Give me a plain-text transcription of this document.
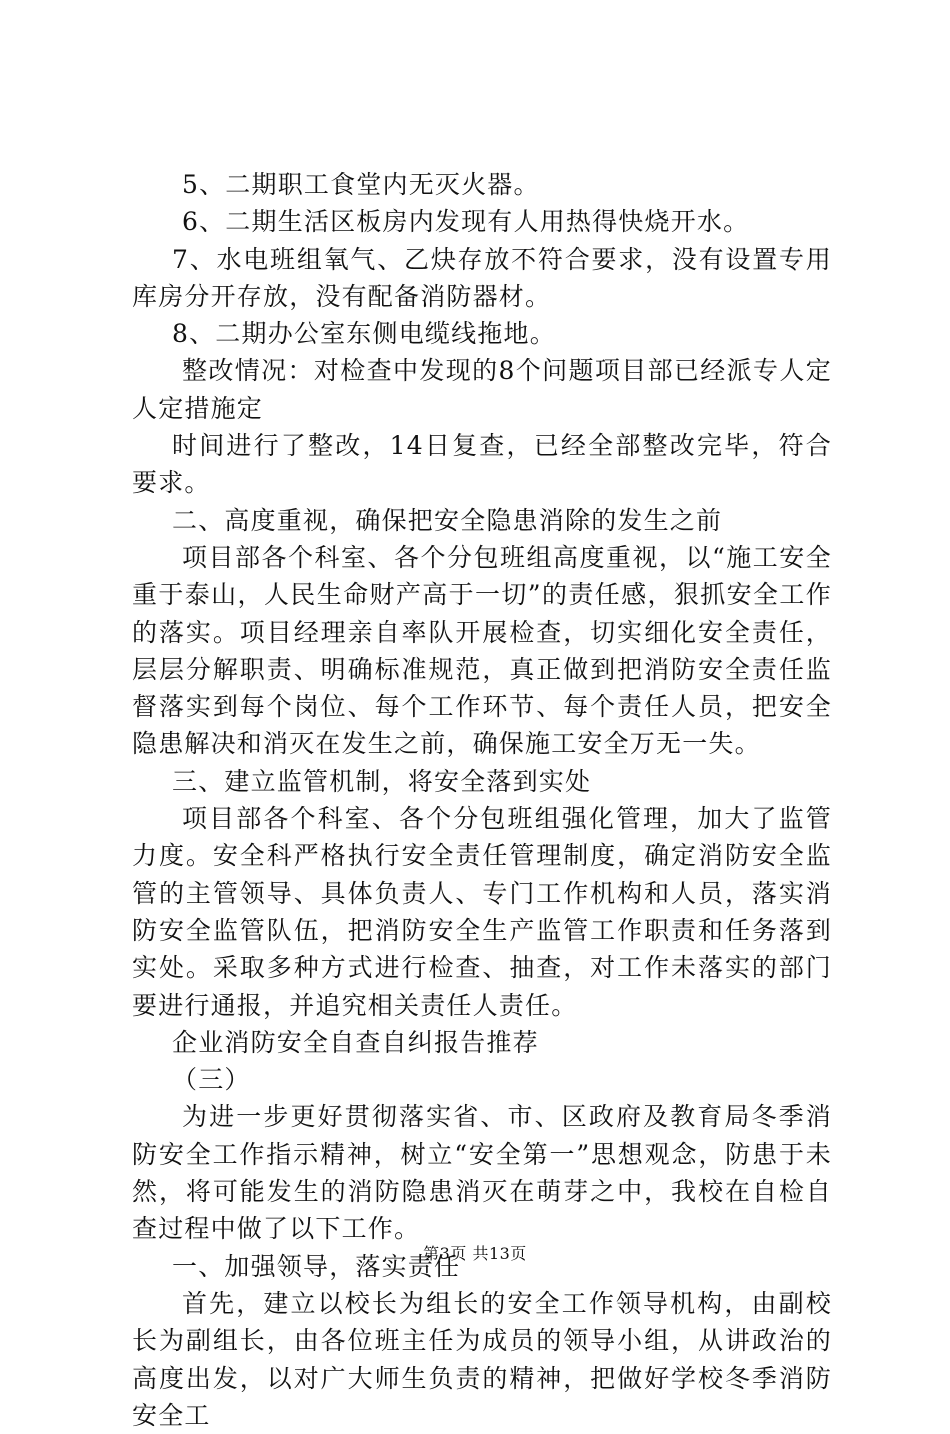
5、二期职工食堂内无灭火器。

6、二期生活区板房内发现有人用热得快烧开水。

7、水电班组氧气、乙炔存放不符合要求，没有设置专用库房分开存放，没有配备消防器材。

8、二期办公室东侧电缆线拖地。

整改情况：对检查中发现的8个问题项目部已经派专人定人定措施定

时间进行了整改，14日复查，已经全部整改完毕，符合要求。

二、高度重视，确保把安全隐患消除的发生之前

项目部各个科室、各个分包班组高度重视，以“施工安全重于泰山，人民生命财产高于一切”的责任感，狠抓安全工作的落实。项目经理亲自率队开展检查，切实细化安全责任，层层分解职责、明确标准规范，真正做到把消防安全责任监督落实到每个岗位、每个工作环节、每个责任人员，把安全隐患解决和消灭在发生之前，确保施工安全万无一失。

三、建立监管机制，将安全落到实处

项目部各个科室、各个分包班组强化管理，加大了监管力度。安全科严格执行安全责任管理制度，确定消防安全监管的主管领导、具体负责人、专门工作机构和人员，落实消防安全监管队伍，把消防安全生产监管工作职责和任务落到实处。采取多种方式进行检查、抽查，对工作未落实的部门要进行通报，并追究相关责任人责任。

企业消防安全自查自纠报告推荐

（三）

为进一步更好贯彻落实省、市、区政府及教育局冬季消防安全工作指示精神，树立“安全第一”思想观念，防患于未然，将可能发生的消防隐患消灭在萌芽之中，我校在自检自查过程中做了以下工作。

一、加强领导，落实责任

首先，建立以校长为组长的安全工作领导机构，由副校长为副组长，由各位班主任为成员的领导小组，从讲政治的高度出发，以对广大师生负责的精神，把做好学校冬季消防安全工

第3页 共13页
